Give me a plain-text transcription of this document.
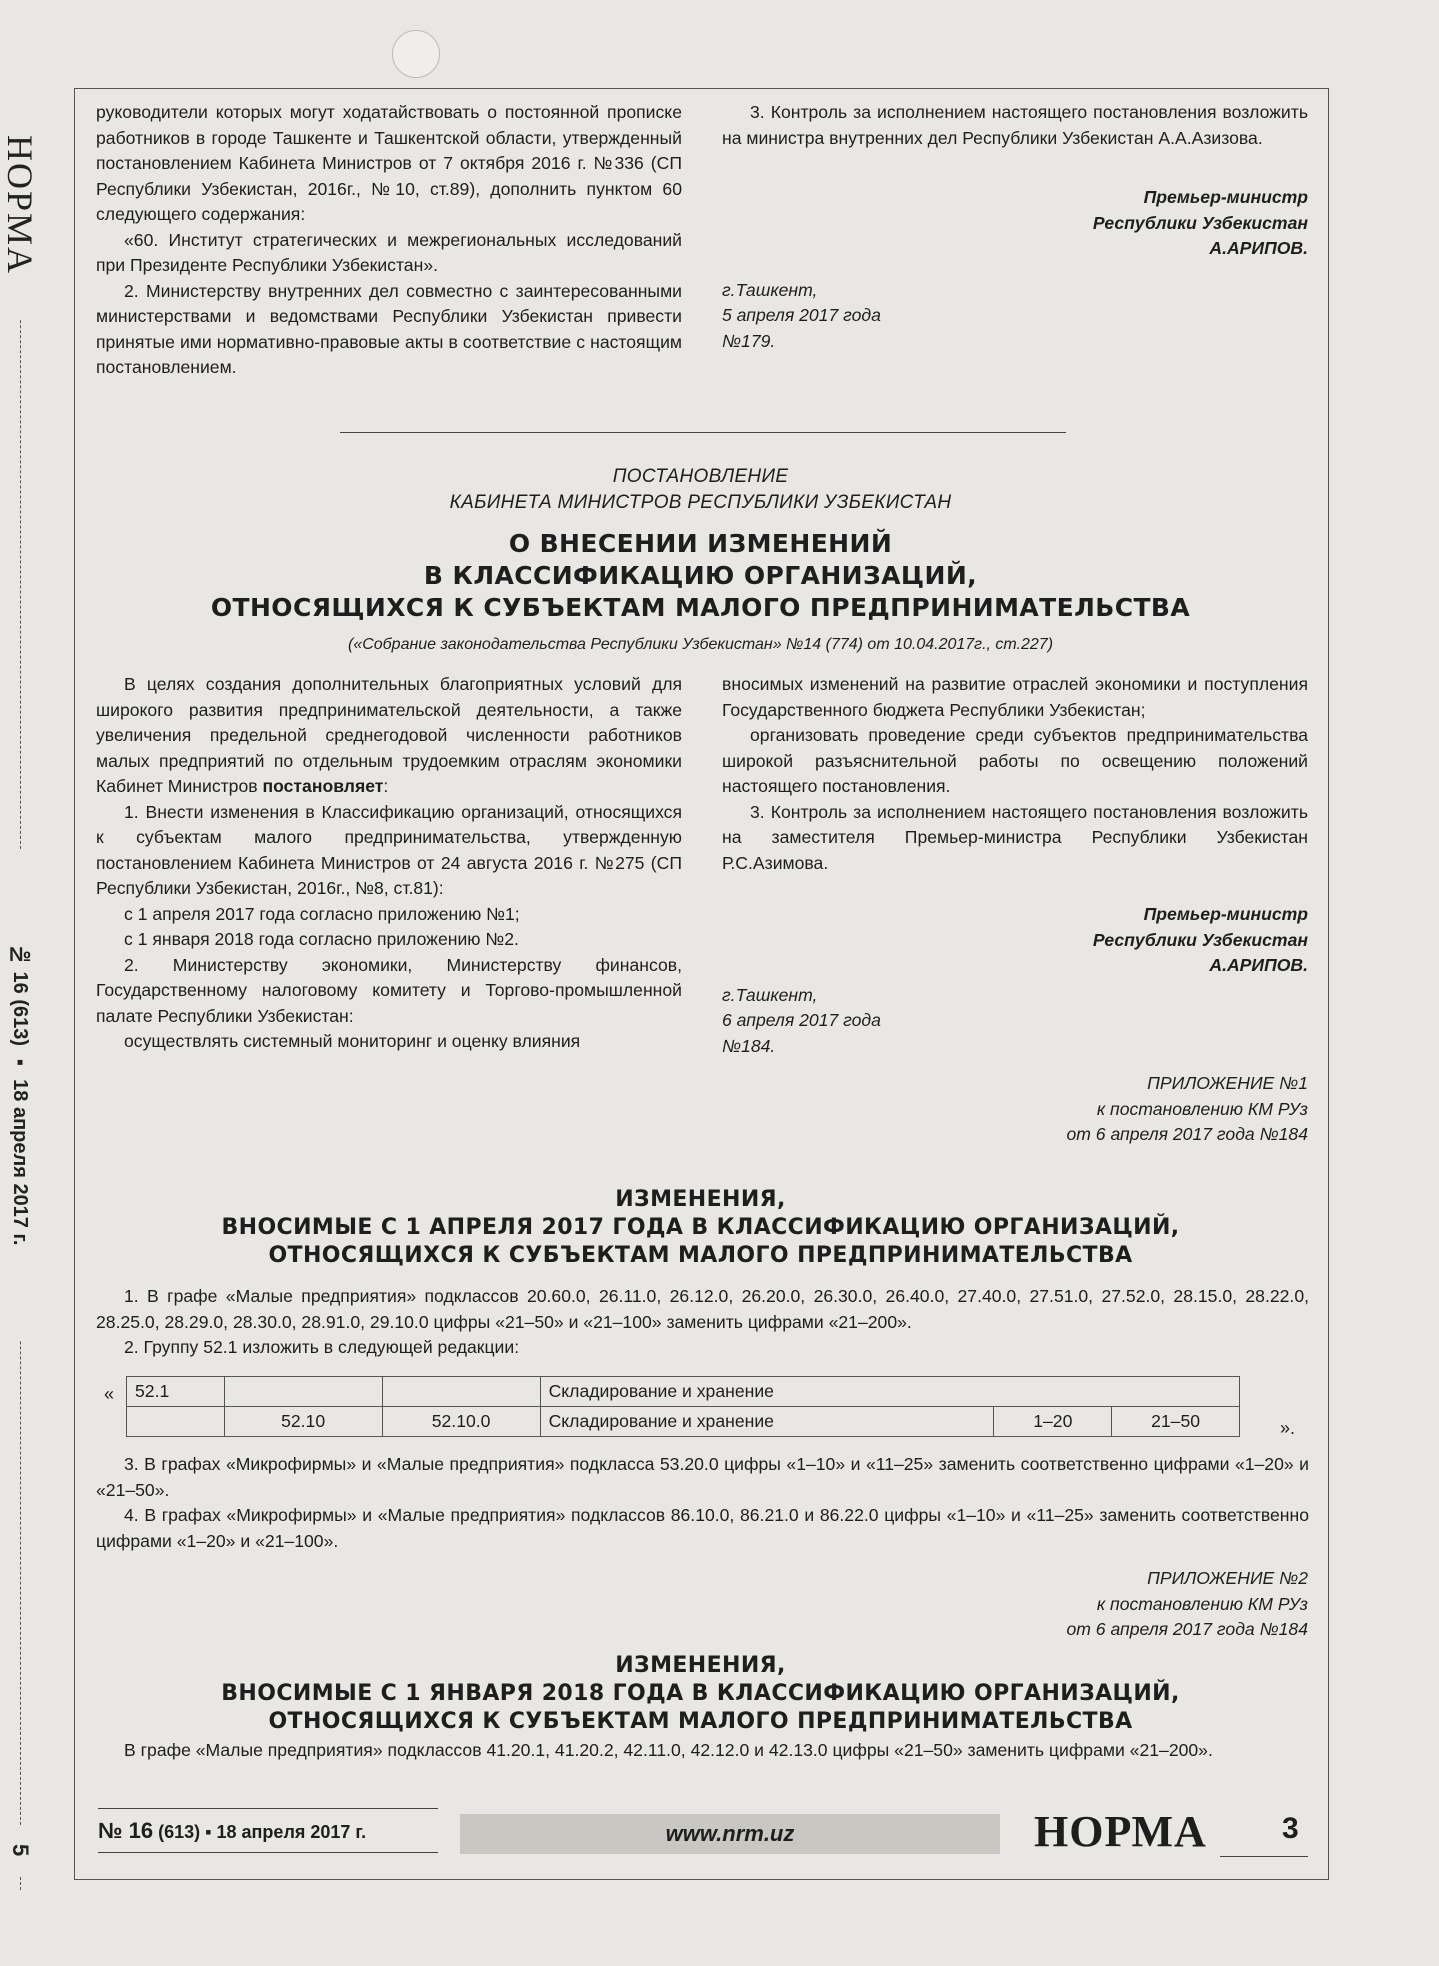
НОРМА
№ 16 (613) ▪ 18 апреля 2017 г.
5

руководители которых могут ходатайствовать о постоянной прописке работников в городе Ташкенте и Ташкентской области, утвержденный постановлением Кабинета Министров от 7 октября 2016 г. №336 (СП Республики Узбекистан, 2016г., №10, ст.89), дополнить пунктом 60 следующего содержания:

«60. Институт стратегических и межрегиональных исследований при Президенте Республики Узбекистан».

2. Министерству внутренних дел совместно с заинтересованными министерствами и ведомствами Республики Узбекистан привести принятые ими нормативно-правовые акты в соответствие с настоящим постановлением.

3. Контроль за исполнением настоящего постановления возложить на министра внутренних дел Республики Узбекистан А.А.Азизова.

Премьер-министр

Республики Узбекистан

А.АРИПОВ.

г.Ташкент,

5 апреля 2017 года

№179.

ПОСТАНОВЛЕНИЕ
КАБИНЕТА МИНИСТРОВ РЕСПУБЛИКИ УЗБЕКИСТАН
О ВНЕСЕНИИ ИЗМЕНЕНИЙ
В КЛАССИФИКАЦИЮ ОРГАНИЗАЦИЙ,
ОТНОСЯЩИХСЯ К СУБЪЕКТАМ МАЛОГО ПРЕДПРИНИМАТЕЛЬСТВА
(«Собрание законодательства Республики Узбекистан» №14 (774) от 10.04.2017г., ст.227)

В целях создания дополнительных благоприятных условий для широкого развития предпринимательской деятельности, а также увеличения предельной среднегодовой численности работников малых предприятий по отдельным трудоемким отраслям экономики Кабинет Министров постановляет:

1. Внести изменения в Классификацию организаций, относящихся к субъектам малого предпринимательства, утвержденную постановлением Кабинета Министров от 24 августа 2016 г. №275 (СП Республики Узбекистан, 2016г., №8, ст.81):

с 1 апреля 2017 года согласно приложению №1;

с 1 января 2018 года согласно приложению №2.

2. Министерству экономики, Министерству финансов, Государственному налоговому комитету и Торгово-промышленной палате Республики Узбекистан:

осуществлять системный мониторинг и оценку влияния

вносимых изменений на развитие отраслей экономики и поступления Государственного бюджета Республики Узбекистан;

организовать проведение среди субъектов предпринимательства широкой разъяснительной работы по освещению положений настоящего постановления.

3. Контроль за исполнением настоящего постановления возложить на заместителя Премьер-министра Республики Узбекистан Р.С.Азимова.

Премьер-министр

Республики Узбекистан

А.АРИПОВ.

г.Ташкент,

6 апреля 2017 года

№184.

ПРИЛОЖЕНИЕ №1

к постановлению КМ РУз

от 6 апреля 2017 года №184

ИЗМЕНЕНИЯ,
ВНОСИМЫЕ С 1 АПРЕЛЯ 2017 ГОДА В КЛАССИФИКАЦИЮ ОРГАНИЗАЦИЙ,
ОТНОСЯЩИХСЯ К СУБЪЕКТАМ МАЛОГО ПРЕДПРИНИМАТЕЛЬСТВА

1. В графе «Малые предприятия» подклассов 20.60.0, 26.11.0, 26.12.0, 26.20.0, 26.30.0, 26.40.0, 27.40.0, 27.51.0, 27.52.0, 28.15.0, 28.22.0, 28.25.0, 28.29.0, 28.30.0, 28.91.0, 29.10.0 цифры «21–50» и «21–100» заменить цифрами «21–200».

2. Группу 52.1 изложить в следующей редакции:

« 52.1			Складирование и хранение		
	52.10	52.10.0	Складирование и хранение	1–20	21–50	».

3. В графах «Микрофирмы» и «Малые предприятия» подкласса 53.20.0 цифры «1–10» и «11–25» заменить соответственно цифрами «1–20» и «21–50».

4. В графах «Микрофирмы» и «Малые предприятия» подклассов 86.10.0, 86.21.0 и 86.22.0 цифры «1–10» и «11–25» заменить соответственно цифрами «1–20» и «21–100».

ПРИЛОЖЕНИЕ №2

к постановлению КМ РУз

от 6 апреля 2017 года №184

ИЗМЕНЕНИЯ,
ВНОСИМЫЕ С 1 ЯНВАРЯ 2018 ГОДА В КЛАССИФИКАЦИЮ ОРГАНИЗАЦИЙ,
ОТНОСЯЩИХСЯ К СУБЪЕКТАМ МАЛОГО ПРЕДПРИНИМАТЕЛЬСТВА

В графе «Малые предприятия» подклассов 41.20.1, 41.20.2, 42.11.0, 42.12.0 и 42.13.0 цифры «21–50» заменить цифрами «21–200».

№ 16 (613) ▪ 18 апреля 2017 г.	www.nrm.uz	НОРМА	3
